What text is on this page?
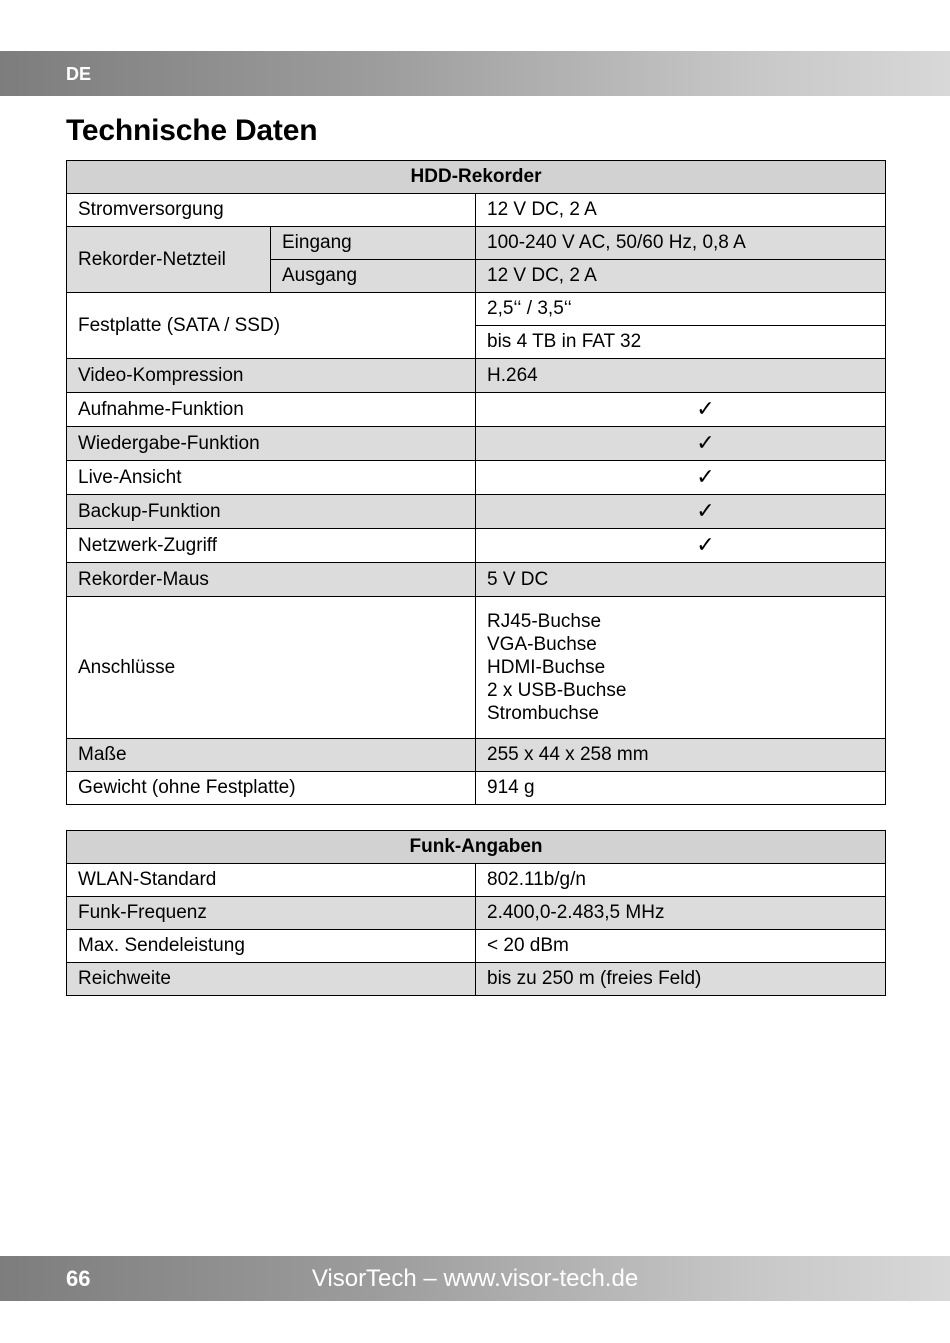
DE
Technische Daten
HDD-Rekorder		
Stromversorgung		12 V DC, 2 A
Rekorder-Netzteil	Eingang	100-240 V AC, 50/60 Hz, 0,8 A
	Ausgang	12 V DC, 2 A
Festplatte (SATA / SSD)		2,5‘‘ / 3,5‘‘
		bis 4 TB in FAT 32
Video-Kompression		H.264
Aufnahme-Funktion		✓
Wiedergabe-Funktion		✓
Live-Ansicht		✓
Backup-Funktion		✓
Netzwerk-Zugriff		✓
Rekorder-Maus		5 V DC
Anschlüsse		RJ45-Buchse
VGA-Buchse
HDMI-Buchse
2 x USB-Buchse
Strombuchse

Maße		255 x 44 x 258 mm
Gewicht (ohne Festplatte)		914 g
Funk-Angaben	
WLAN-Standard	802.11b/g/n
Funk-Frequenz	2.400,0-2.483,5 MHz
Max. Sendeleistung	< 20 dBm
Reichweite	bis zu 250 m (freies Feld)
66	VisorTech – www.visor-tech.de
